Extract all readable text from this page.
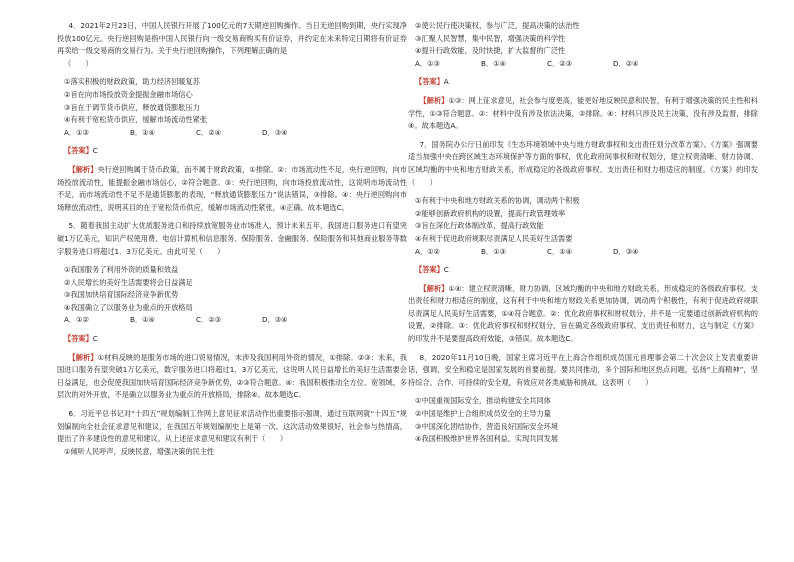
4．2021年2月23日，中国人民银行开展了100亿元的7天期逆回购操作。当日无逆回购到期，央行实现净投放100亿元。央行逆回购是指中国人民银行向一级交易商购买有价证券，并约定在未来特定日期将有价证券再卖给一级交易商的交易行为。关于央行逆回购操作，下列理解正确的是

（　　）

①落实积极的财政政策，助力经济回暖复苏

②旨在向市场投放资金提振金融市场信心

③旨在于调节货币供应，释放通货膨胀压力

④有利于宽松货币供应，缓解市场流动性紧张

A．①③	B．①④	C．②④	D．③④

【答案】C

【解析】央行逆回购属于货币政策，而不属于财政政策，①排除。②：市场流动性不足，央行逆回购，向市场投放流动性，能提振金融市场信心，②符合题意。③：央行逆回购，向市场投放流动性，这说明市场流动性不足，而市场流动性不足不是通货膨胀的表现，“释放通货膨胀压力”说法错误，③排除。④：央行逆回购向市场释放流动性，说明其目的在于宽松货币供应，缓解市场流动性紧张，④正确。故本题选C。

5．随着我国主动扩大优质服务进口和持续放宽服务业市场准入，预计未来五年，我国进口服务进口有望突破1万亿美元，知识产权使用费、电信计算机和信息服务、保险服务、金融服务、保险服务和其他商业服务等数字服务进口将超过1．3万亿美元。由此可见（　　）

①我国服务了利用外资的质量和效益

②人民增长的美好生活需要将会日益满足

③我国加快培育国际经济竞争新优势

④我国确立了以服务业为重点的开放格局

A．①②	B．①④	C．②③	D．③④

【答案】C

【解析】①材料反映的是服务市场的进口贸易情况，未涉及我国利用外资的情况，①排除。②③：未来，我国进口服务有望突破1万亿美元，数字服务进口将超过1．3万亿美元，这说明人民日益增长的美好生活需要会日益满足，也会促使我国加快培育国际经济竞争新优势，②③符合题意。④：我国积极推动全方位、宽领域、多层次的对外开放，不是确立以服务业为重点的开放格局，排除④。故本题选C。

6．习近平总书记对“十四五”规划编制工作网上意见征求活动作出重要指示强调，通过互联网就“十四五”规划编制向全社会征求意见和建议，在我国五年规划编制史上是第一次。这次活动效果很好，社会参与热情高，提出了许多建设性的意见和建议。从上述征求意见和建议有利于（　　）

①倾听人民呼声，反映民意，增强决策的民主性

②使公民行使决策权，参与广泛，提高决策的法治性

③汇聚人民智慧，集中民智，增强决策的科学性

④提升行政效能，及时快捷，扩大监督的广泛性

A．①③	B．①④	C．②③	D．②④

【答案】A

【解析】①③：网上征求意见，社会参与度更高，能更好地反映民意和民智，有利于增强决策的民主性和科学性，①③符合题意。②：材料中没有涉及依法决策，②排除。④：材料只涉及民主决策，没有涉及监督，排除④。故本题选A。

7．国务院办公厅日前印发《生态环境领域中央与地方财政事权和支出责任划分改革方案》。《方案》强调要适当加强中央在跨区域生态环境保护等方面的事权，优化政府间事权和财权划分，建立权责清晰、财力协调、区域均衡的中央和地方财政关系，形成稳定的各级政府事权、支出责任和财力相适应的制度。《方案》的印发（　　）

①有利于中央和地方财政关系的协调，调动两个积极

②能够创新政府机构的设置，提高行政管理效率

③旨在深化行政体制改革，提高行政效能

④有利于促进政府规职尽责满足人民美好生活需要

A．①②	B．①③	C．①④	D．③④

【答案】C

【解析】①④：建立权责清晰、财力协调、区域均衡的中央和地方财政关系，形成稳定的各级政府事权、支出责任和财力相适应的制度，这有利于中央和地方财政关系更加协调，调动两个积极性，有利于促进政府规职尽责满足人民美好生活需要，①④符合题意。②：优化政府事权和财权划分，并不是一定要通过创新政府机构的设置，②排除。③：优化政府事权和财权划分，旨在确定各级政府事权、支出责任和财力，这与制定《方案》的印发并不是要提高政府效能，③错误。故本题选C。

8．2020年11月10日晚，国家主席习近平在上海合作组织成员国元首理事会第二十次会议上发表重要讲话，强调，安全和稳定是国家发展的首要前提。要共同推动，多个国际和地区热点问题，弘扬“上海精神”，坚持综合、合作、可持续的安全观，有效应对各类威胁和挑战。这表明（　　）

①中国重视国际安全，推动构建安全共同体

②中国是维护上合组织成员安全的主导力量

③中国深化团结协作，营造良好国际安全环境

④我国积极维护世界各国利益，实现共同发展
